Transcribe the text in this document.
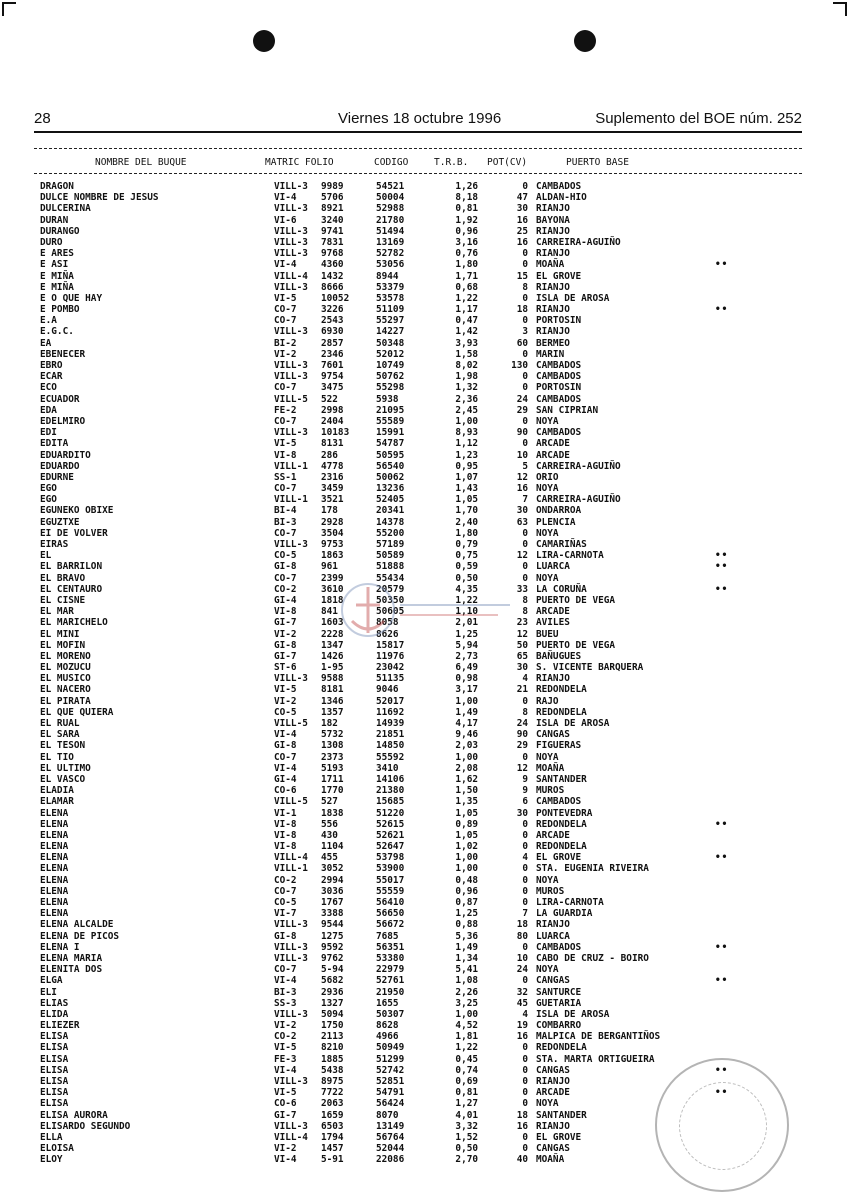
28	Viernes 18 octubre 1996	Suplemento del BOE núm. 252
NOMBRE DEL BUQUE	MATRIC FOLIO	CODIGO	T.R.B. POT(CV)	PUERTO BASE
DRAGON	VILL-3 9989	54521	1,26	0 CAMBADOS
DULCE NOMBRE DE JESUS	VI-4	5706	50004	8,18	47 ALDAN-HIO
DULCERINA	VILL-3 8921	52988	0,81	30 RIANJO
DURAN	VI-6	3240	21780	1,92	16 BAYONA
DURANGO	VILL-3 9741	51494	0,96	25 RIANJO
DURO	VILL-3 7831	13169	3,16	16 CARREIRA-AGUIÑO
E ARES	VILL-3 9768	52782	0,76	0 RIANJO
E ASI	VI-4	4360	53056	1,80	0 MOAÑA	••
E MIÑA	VILL-4 1432	8944	1,71	15 EL GROVE
E MIÑA	VILL-3 8666	53379	0,68	8 RIANJO
E O QUE HAY	VI-5	10052	53578	1,22	0 ISLA DE AROSA
E POMBO	CO-7	3226	51109	1,17	18 RIANJO	••
E.A	CO-7	2543	55297	0,47	0 PORTOSIN
E.G.C.	VILL-3 6930	14227	1,42	3 RIANJO
EA	BI-2	2857	50348	3,93	60 BERMEO
EBENECER	VI-2	2346	52012	1,58	0 MARIN
EBRO	VILL-3 7601	10749	8,02	130 CAMBADOS
ECAR	VILL-3 9754	50762	1,98	0 CAMBADOS
ECO	CO-7	3475	55298	1,32	0 PORTOSIN
ECUADOR	VILL-5 522	5938	2,36	24 CAMBADOS
EDA	FE-2	2998	21095	2,45	29 SAN CIPRIAN
EDELMIRO	CO-7	2404	55589	1,00	0 NOYA
EDI	VILL-3 10183	15991	8,93	90 CAMBADOS
EDITA	VI-5	8131	54787	1,12	0 ARCADE
EDUARDITO	VI-8	286	50595	1,23	10 ARCADE
EDUARDO	VILL-1 4778	56540	0,95	5 CARREIRA-AGUIÑO
EDURNE	SS-1	2316	50062	1,07	12 ORIO
EGO	CO-7	3459	13236	1,43	16 NOYA
EGO	VILL-1 3521	52405	1,05	7 CARREIRA-AGUIÑO
EGUNEKO OBIXE	BI-4	178	20341	1,70	30 ONDARROA
EGUZTXE	BI-3	2928	14378	2,40	63 PLENCIA
EI DE VOLVER	CO-7	3504	55200	1,80	0 NOYA
EIRAS	VILL-3 9753	57189	0,79	0 CAMARIÑAS
EL	CO-5	1863	50589	0,75	12 LIRA-CARNOTA	••
EL BARRILON	GI-8	961	51888	0,59	0 LUARCA	••
EL BRAVO	CO-7	2399	55434	0,50	0 NOYA
EL CENTAURO	CO-2	3610	20579	4,35	33 LA CORUÑA	••
EL CISNE	GI-4	1818	50350	1,22	8 PUERTO DE VEGA
EL MAR	VI-8	841	50605	1,10	8 ARCADE
EL MARICHELO	GI-7	1603	8058	2,01	23 AVILES
EL MINI	VI-2	2228	8626	1,25	12 BUEU
EL MOFIN	GI-8	1347	15817	5,94	50 PUERTO DE VEGA
EL MORENO	GI-7	1426	11976	2,73	65 BAÑUGUES
EL MOZUCU	ST-6	1-95	23042	6,49	30 S. VICENTE BARQUERA
EL MUSICO	VILL-3 9588	51135	0,98	4 RIANJO
EL NACERO	VI-5	8181	9046	3,17	21 REDONDELA
EL PIRATA	VI-2	1346	52017	1,00	0 RAJO
EL QUE QUIERA	CO-5	1357	11692	1,49	8 REDONDELA
EL RUAL	VILL-5 182	14939	4,17	24 ISLA DE AROSA
EL SARA	VI-4	5732	21851	9,46	90 CANGAS
EL TESON	GI-8	1308	14850	2,03	29 FIGUERAS
EL TIO	CO-7	2373	55592	1,00	0 NOYA
EL ULTIMO	VI-4	5193	3410	2,08	12 MOAÑA
EL VASCO	GI-4	1711	14106	1,62	9 SANTANDER
ELADIA	CO-6	1770	21380	1,50	9 MUROS
ELAMAR	VILL-5 527	15685	1,35	6 CAMBADOS
ELENA	VI-1	1838	51220	1,05	30 PONTEVEDRA
ELENA	VI-8	556	52615	0,89	0 REDONDELA	••
ELENA	VI-8	430	52621	1,05	0 ARCADE
ELENA	VI-8	1104	52647	1,02	0 REDONDELA
ELENA	VILL-4 455	53798	1,00	4 EL GROVE	••
ELENA	VILL-1 3052	53900	1,00	0 STA. EUGENIA RIVEIRA
ELENA	CO-2	2994	55017	0,48	0 NOYA
ELENA	CO-7	3036	55559	0,96	0 MUROS
ELENA	CO-5	1767	56410	0,87	0 LIRA-CARNOTA
ELENA	VI-7	3388	56650	1,25	7 LA GUARDIA
ELENA ALCALDE	VILL-3 9544	56672	0,88	18 RIANJO
ELENA DE PICOS	GI-8	1275	7685	5,36	80 LUARCA
ELENA I	VILL-3 9592	56351	1,49	0 CAMBADOS	••
ELENA MARIA	VILL-3 9762	53380	1,34	10 CABO DE CRUZ - BOIRO
ELENITA DOS	CO-7	5-94	22979	5,41	24 NOYA
ELGA	VI-4	5682	52761	1,08	0 CANGAS	••
ELI	BI-3	2936	21950	2,26	32 SANTURCE
ELIAS	SS-3	1327	1655	3,25	45 GUETARIA
ELIDA	VILL-3 5094	50307	1,00	4 ISLA DE AROSA
ELIEZER	VI-2	1750	8628	4,52	19 COMBARRO
ELISA	CO-2	2113	4966	1,81	16 MALPICA DE BERGANTIÑOS
ELISA	VI-5	8210	50949	1,22	0 REDONDELA
ELISA	FE-3	1885	51299	0,45	0 STA. MARTA ORTIGUEIRA
ELISA	VI-4	5438	52742	0,74	0 CANGAS	••
ELISA	VILL-3 8975	52851	0,69	0 RIANJO
ELISA	VI-5	7722	54791	0,81	0 ARCADE	••
ELISA	CO-6	2063	56424	1,27	0 NOYA
ELISA AURORA	GI-7	1659	8070	4,01	18 SANTANDER
ELISARDO SEGUNDO	VILL-3 6503	13149	3,32	16 RIANJO
ELLA	VILL-4 1794	56764	1,52	0 EL GROVE
ELOISA	VI-2	1457	52044	0,50	0 CANGAS
ELOY	VI-4	5-91	22086	2,70	40 MOAÑA
